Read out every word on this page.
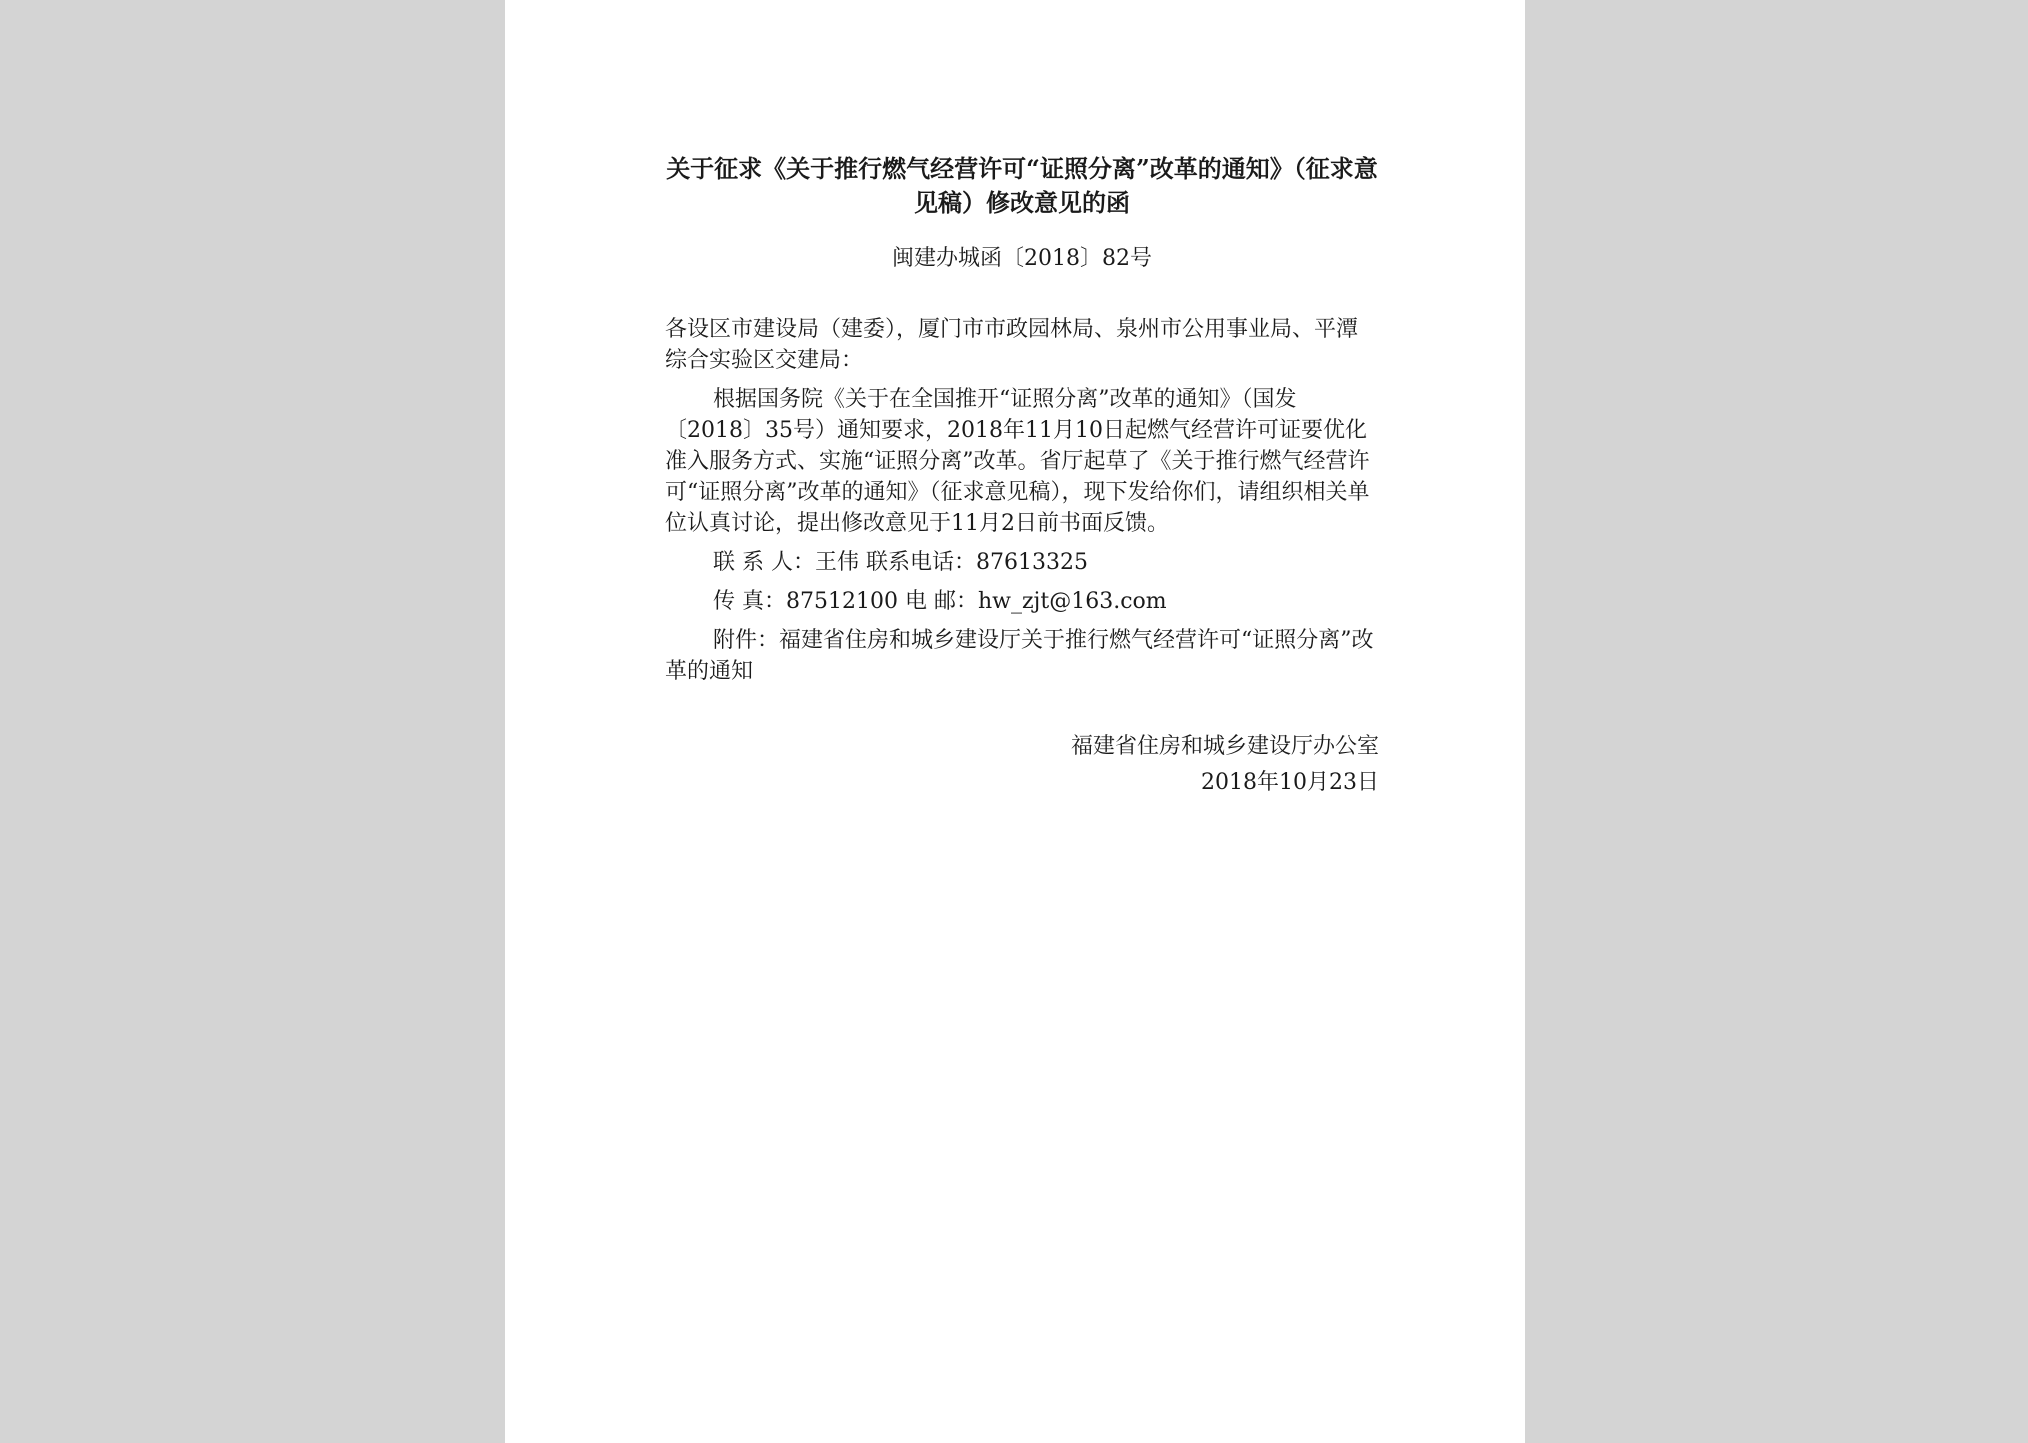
关于征求《关于推行燃气经营许可“证照分离”改革的通知》（征求意见稿）修改意见的函
闽建办城函〔2018〕82号

各设区市建设局（建委），厦门市市政园林局、泉州市公用事业局、平潭综合实验区交建局：

根据国务院《关于在全国推开“证照分离”改革的通知》（国发〔2018〕35号）通知要求，2018年11月10日起燃气经营许可证要优化准入服务方式、实施“证照分离”改革。省厅起草了《关于推行燃气经营许可“证照分离”改革的通知》（征求意见稿），现下发给你们，请组织相关单位认真讨论，提出修改意见于11月2日前书面反馈。

联 系 人：王伟 联系电话：87613325

传 真：87512100 电 邮：hw_zjt@163.com

附件：福建省住房和城乡建设厅关于推行燃气经营许可“证照分离”改革的通知

福建省住房和城乡建设厅办公室
2018年10月23日
